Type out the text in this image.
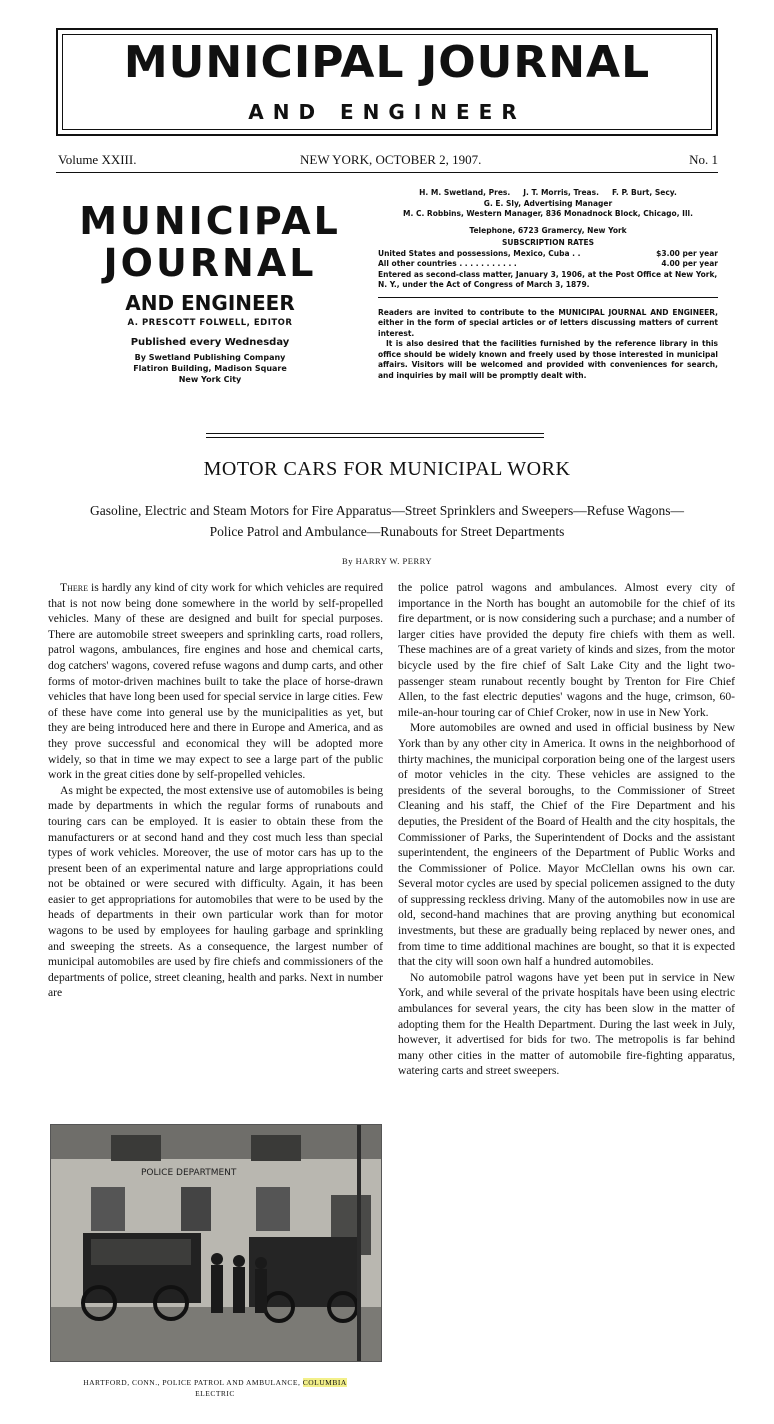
MUNICIPAL JOURNAL
AND ENGINEER
Volume XXIII.	NEW YORK, OCTOBER 2, 1907.	No. 1
MUNICIPAL
JOURNAL
AND ENGINEER
A. PRESCOTT FOLWELL, EDITOR
Published every Wednesday
By Swetland Publishing Company
Flatiron Building, Madison Square
New York City

H. M. Swetland, Pres.     J. T. Morris, Treas.     F. P. Burt, Secy.

G. E. Sly, Advertising Manager

M. C. Robbins, Western Manager, 836 Monadnock Block, Chicago, Ill.

Telephone, 6723 Gramercy, New York

SUBSCRIPTION RATES

United States and possessions, Mexico, Cuba . .	$3.00 per year

All other countries . . . . . . . . . . .	4.00 per year

Entered as second-class matter, January 3, 1906, at the Post Office at New York, N. Y., under the Act of Congress of March 3, 1879.

Readers are invited to contribute to the MUNICIPAL JOURNAL AND ENGINEER, either in the form of special articles or of letters discussing matters of current interest.

It is also desired that the facilities furnished by the reference library in this office should be widely known and freely used by those interested in municipal affairs. Visitors will be welcomed and provided with conveniences for search, and inquiries by mail will be promptly dealt with.

MOTOR CARS FOR MUNICIPAL WORK
Gasoline, Electric and Steam Motors for Fire Apparatus—Street Sprinklers and Sweepers—Refuse Wagons—
Police Patrol and Ambulance—Runabouts for Street Departments
By HARRY W. PERRY

There is hardly any kind of city work for which vehicles are required that is not now being done somewhere in the world by self-propelled vehicles. Many of these are designed and built for special purposes. There are automobile street sweepers and sprinkling carts, road rollers, patrol wagons, ambulances, fire engines and hose and chemical carts, dog catchers' wagons, covered refuse wagons and dump carts, and other forms of motor-driven machines built to take the place of horse-drawn vehicles that have long been used for special service in large cities. Few of these have come into general use by the municipalities as yet, but they are being introduced here and there in Europe and America, and as they prove successful and economical they will be adopted more widely, so that in time we may expect to see a large part of the public work in the great cities done by self-propelled vehicles.

As might be expected, the most extensive use of automobiles is being made by departments in which the regular forms of runabouts and touring cars can be employed. It is easier to obtain these from the manufacturers or at second hand and they cost much less than special types of work vehicles. Moreover, the use of motor cars has up to the present been of an experimental nature and large appropriations could not be obtained or were secured with difficulty. Again, it has been easier to get appropriations for automobiles that were to be used by the heads of departments in their own particular work than for motor wagons to be used by employees for hauling garbage and sprinkling and sweeping the streets. As a consequence, the largest number of municipal automobiles are used by fire chiefs and commissioners of the departments of police, street cleaning, health and parks. Next in number are

the police patrol wagons and ambulances. Almost every city of importance in the North has bought an automobile for the chief of its fire department, or is now considering such a purchase; and a number of larger cities have provided the deputy fire chiefs with them as well. These machines are of a great variety of kinds and sizes, from the motor bicycle used by the fire chief of Salt Lake City and the light two-passenger steam runabout recently bought by Trenton for Fire Chief Allen, to the fast electric deputies' wagons and the huge, crimson, 60-mile-an-hour touring car of Chief Croker, now in use in New York.

More automobiles are owned and used in official business by New York than by any other city in America. It owns in the neighborhood of thirty machines, the municipal corporation being one of the largest users of motor vehicles in the city. These vehicles are assigned to the presidents of the several boroughs, to the Commissioner of Street Cleaning and his staff, the Chief of the Fire Department and his deputies, the President of the Board of Health and the city hospitals, the Commissioner of Parks, the Superintendent of Docks and the assistant superintendent, the engineers of the Department of Public Works and the Commissioner of Police. Mayor McClellan owns his own car. Several motor cycles are used by special policemen assigned to the duty of suppressing reckless driving. Many of the automobiles now in use are old, second-hand machines that are proving anything but economical investments, but these are gradually being replaced by newer ones, and from time to time additional machines are bought, so that it is expected that the city will soon own half a hundred automobiles.

No automobile patrol wagons have yet been put in service in New York, and while several of the private hospitals have been using electric ambulances for several years, the city has been slow in the matter of adopting them for the Health Department. During the last week in July, however, it advertised for bids for two. The metropolis is far behind many other cities in the matter of automobile fire-fighting apparatus, watering carts and street sweepers.

POLICE DEPARTMENT
HARTFORD, CONN., POLICE PATROL AND AMBULANCE, COLUMBIA
ELECTRIC
